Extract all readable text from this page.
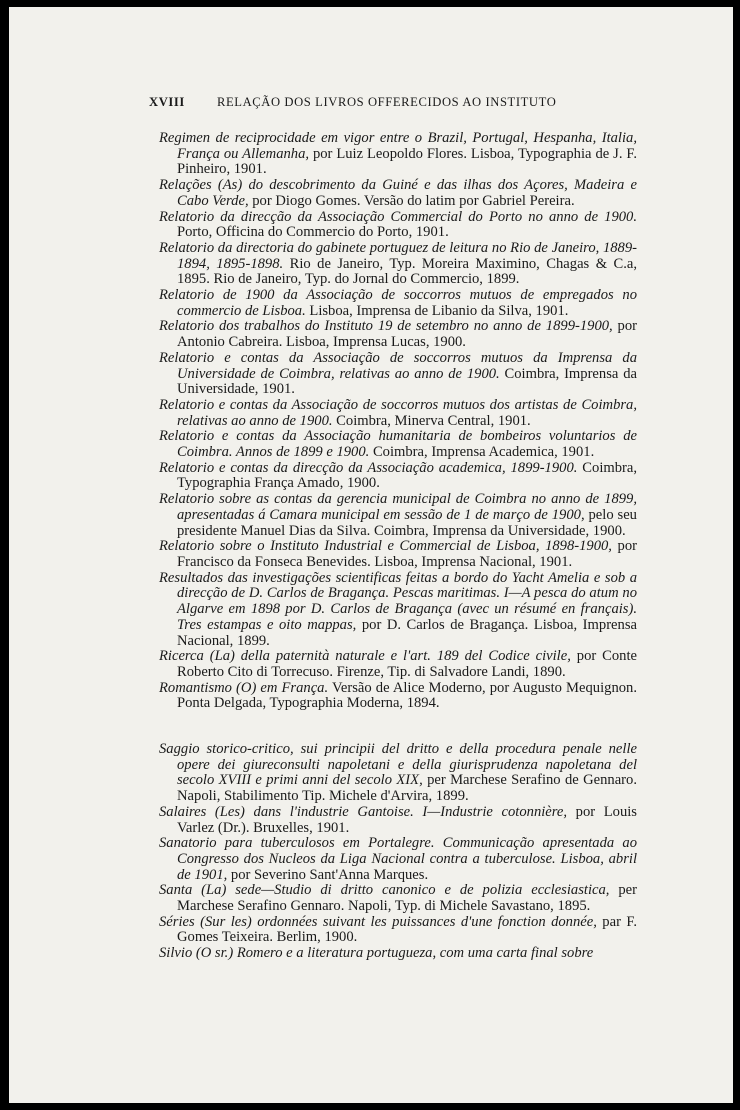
XVIII	RELAÇÃO DOS LIVROS OFFERECIDOS AO INSTITUTO
Regimen de reciprocidade em vigor entre o Brazil, Portugal, Hespanha, Italia, França ou Allemanha, por Luiz Leopoldo Flores. Lisboa, Typographia de J. F. Pinheiro, 1901.
Relações (As) do descobrimento da Guiné e das ilhas dos Açores, Madeira e Cabo Verde, por Diogo Gomes. Versão do latim por Gabriel Pereira.
Relatorio da direcção da Associação Commercial do Porto no anno de 1900. Porto, Officina do Commercio do Porto, 1901.
Relatorio da directoria do gabinete portuguez de leitura no Rio de Janeiro, 1889-1894, 1895-1898. Rio de Janeiro, Typ. Moreira Maximino, Chagas & C.a, 1895. Rio de Janeiro, Typ. do Jornal do Commercio, 1899.
Relatorio de 1900 da Associação de soccorros mutuos de empregados no commercio de Lisboa. Lisboa, Imprensa de Libanio da Silva, 1901.
Relatorio dos trabalhos do Instituto 19 de setembro no anno de 1899-1900, por Antonio Cabreira. Lisboa, Imprensa Lucas, 1900.
Relatorio e contas da Associação de soccorros mutuos da Imprensa da Universidade de Coimbra, relativas ao anno de 1900. Coimbra, Imprensa da Universidade, 1901.
Relatorio e contas da Associação de soccorros mutuos dos artistas de Coimbra, relativas ao anno de 1900. Coimbra, Minerva Central, 1901.
Relatorio e contas da Associação humanitaria de bombeiros voluntarios de Coimbra. Annos de 1899 e 1900. Coimbra, Imprensa Academica, 1901.
Relatorio e contas da direcção da Associação academica, 1899-1900. Coimbra, Typographia França Amado, 1900.
Relatorio sobre as contas da gerencia municipal de Coimbra no anno de 1899, apresentadas á Camara municipal em sessão de 1 de março de 1900, pelo seu presidente Manuel Dias da Silva. Coimbra, Imprensa da Universidade, 1900.
Relatorio sobre o Instituto Industrial e Commercial de Lisboa, 1898-1900, por Francisco da Fonseca Benevides. Lisboa, Imprensa Nacional, 1901.
Resultados das investigações scientificas feitas a bordo do Yacht Amelia e sob a direcção de D. Carlos de Bragança. Pescas maritimas. I—A pesca do atum no Algarve em 1898 por D. Carlos de Bragança (avec un résumé en français). Tres estampas e oito mappas, por D. Carlos de Bragança. Lisboa, Imprensa Nacional, 1899.
Ricerca (La) della paternità naturale e l'art. 189 del Codice civile, por Conte Roberto Cito di Torrecuso. Firenze, Tip. di Salvadore Landi, 1890.
Romantismo (O) em França. Versão de Alice Moderno, por Augusto Mequignon. Ponta Delgada, Typographia Moderna, 1894.
Saggio storico-critico, sui principii del dritto e della procedura penale nelle opere dei giureconsulti napoletani e della giurisprudenza napoletana del secolo XVIII e primi anni del secolo XIX, per Marchese Serafino de Gennaro. Napoli, Stabilimento Tip. Michele d'Arvira, 1899.
Salaires (Les) dans l'industrie Gantoise. I—Industrie cotonnière, por Louis Varlez (Dr.). Bruxelles, 1901.
Sanatorio para tuberculosos em Portalegre. Communicação apresentada ao Congresso dos Nucleos da Liga Nacional contra a tuberculose. Lisboa, abril de 1901, por Severino Sant'Anna Marques.
Santa (La) sede—Studio di dritto canonico e de polizia ecclesiastica, per Marchese Serafino Gennaro. Napoli, Typ. di Michele Savastano, 1895.
Séries (Sur les) ordonnées suivant les puissances d'une fonction donnée, par F. Gomes Teixeira. Berlim, 1900.
Silvio (O sr.) Romero e a literatura portugueza, com uma carta final sobre
